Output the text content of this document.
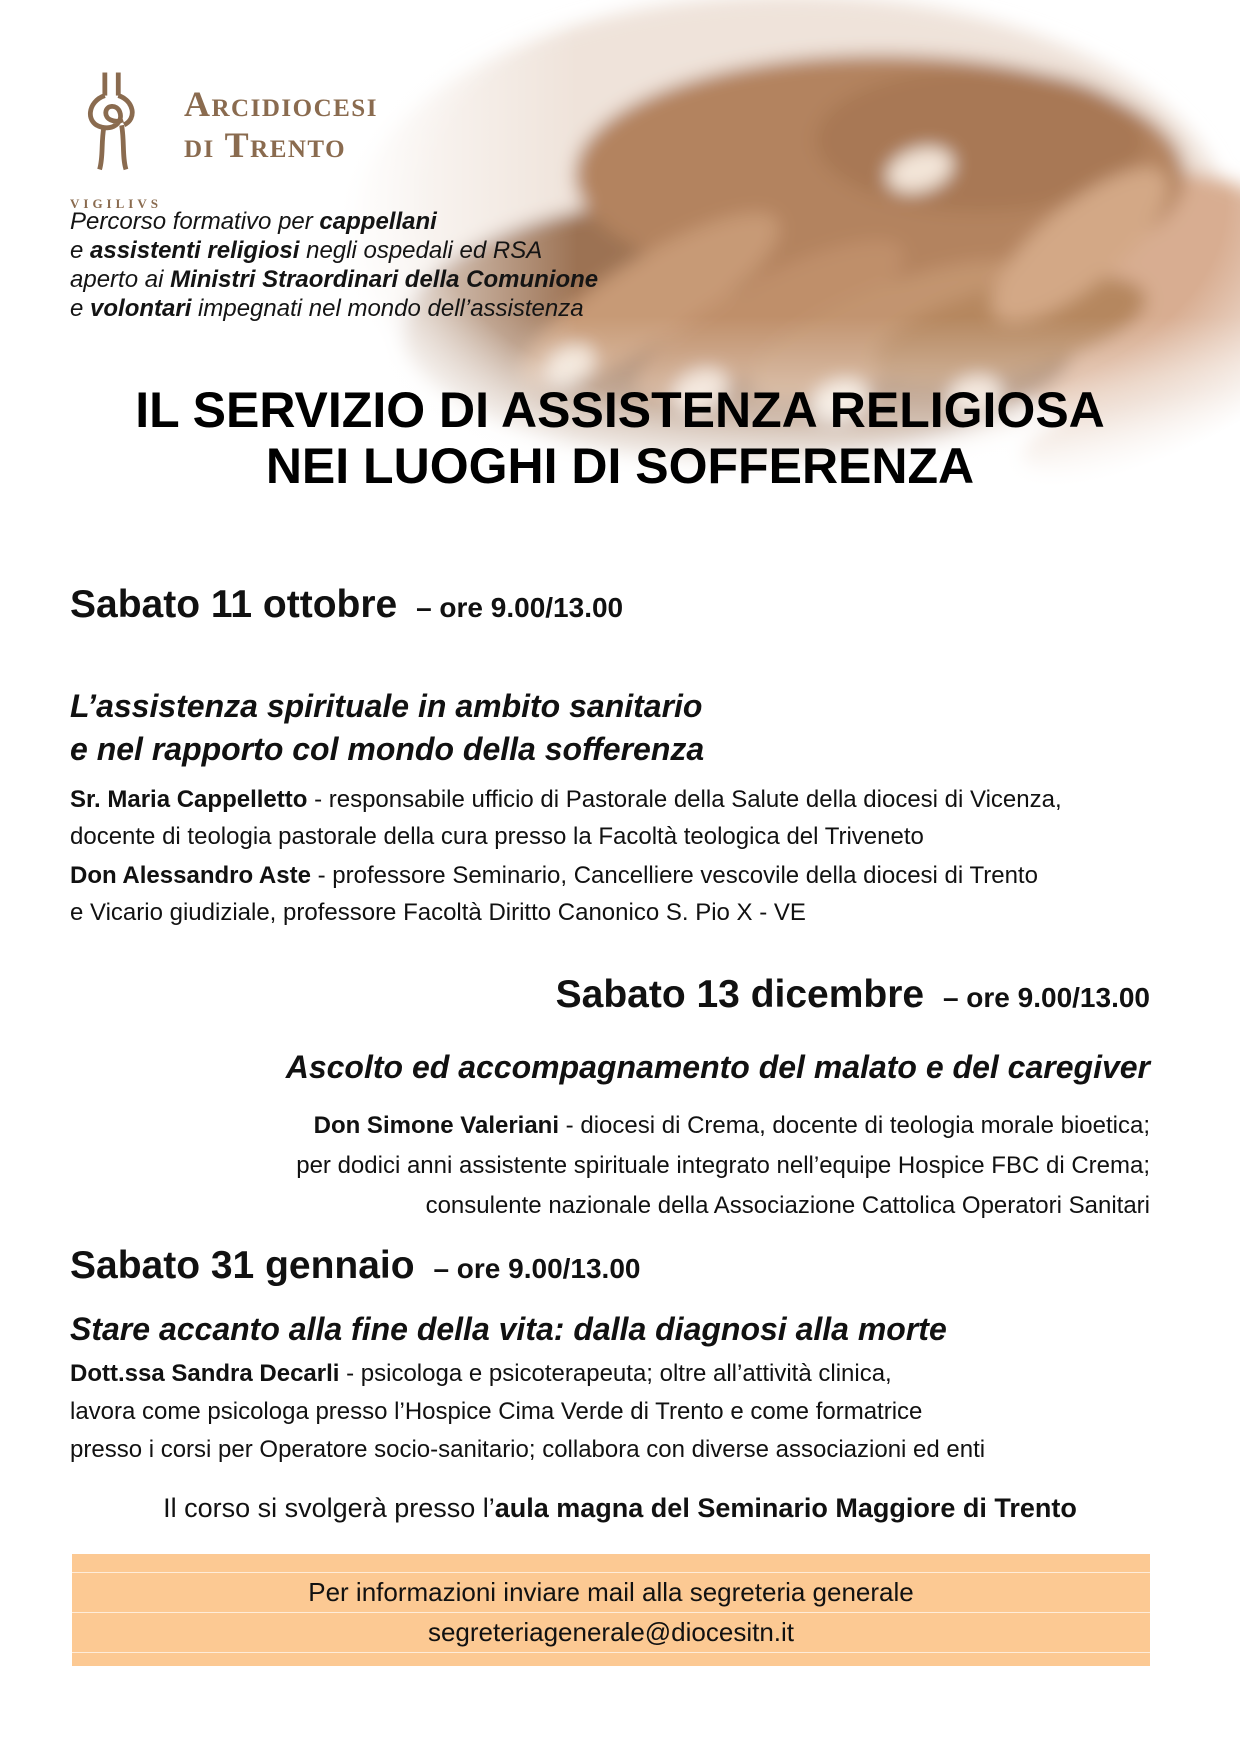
VIGILIVS
Arcidiocesi
di Trento
Percorso formativo per cappellani
e assistenti religiosi negli ospedali ed RSA
aperto ai Ministri Straordinari della Comunione
e volontari impegnati nel mondo dell’assistenza
IL SERVIZIO DI ASSISTENZA RELIGIOSA
NEI LUOGHI DI SOFFERENZA
Sabato 11 ottobre – ore 9.00/13.00
L’assistenza spirituale in ambito sanitario
e nel rapporto col mondo della sofferenza

Sr. Maria Cappelletto - responsabile ufficio di Pastorale della Salute della diocesi di Vicenza,
docente di teologia pastorale della cura presso la Facoltà teologica del Triveneto

Don Alessandro Aste - professore Seminario, Cancelliere vescovile della diocesi di Trento
e Vicario giudiziale, professore Facoltà Diritto Canonico S. Pio X - VE

Sabato 13 dicembre – ore 9.00/13.00
Ascolto ed accompagnamento del malato e del caregiver

Don Simone Valeriani - diocesi di Crema, docente di teologia morale bioetica;
per dodici anni assistente spirituale integrato nell’equipe Hospice FBC di Crema;
consulente nazionale della Associazione Cattolica Operatori Sanitari

Sabato 31 gennaio – ore 9.00/13.00
Stare accanto alla fine della vita: dalla diagnosi alla morte

Dott.ssa Sandra Decarli - psicologa e psicoterapeuta; oltre all’attività clinica,
lavora come psicologa presso l’Hospice Cima Verde di Trento e come formatrice
presso i corsi per Operatore socio-sanitario; collabora con diverse associazioni ed enti

Il corso si svolgerà presso l’aula magna del Seminario Maggiore di Trento
Per informazioni inviare mail alla segreteria generale
segreteriagenerale@diocesitn.it
